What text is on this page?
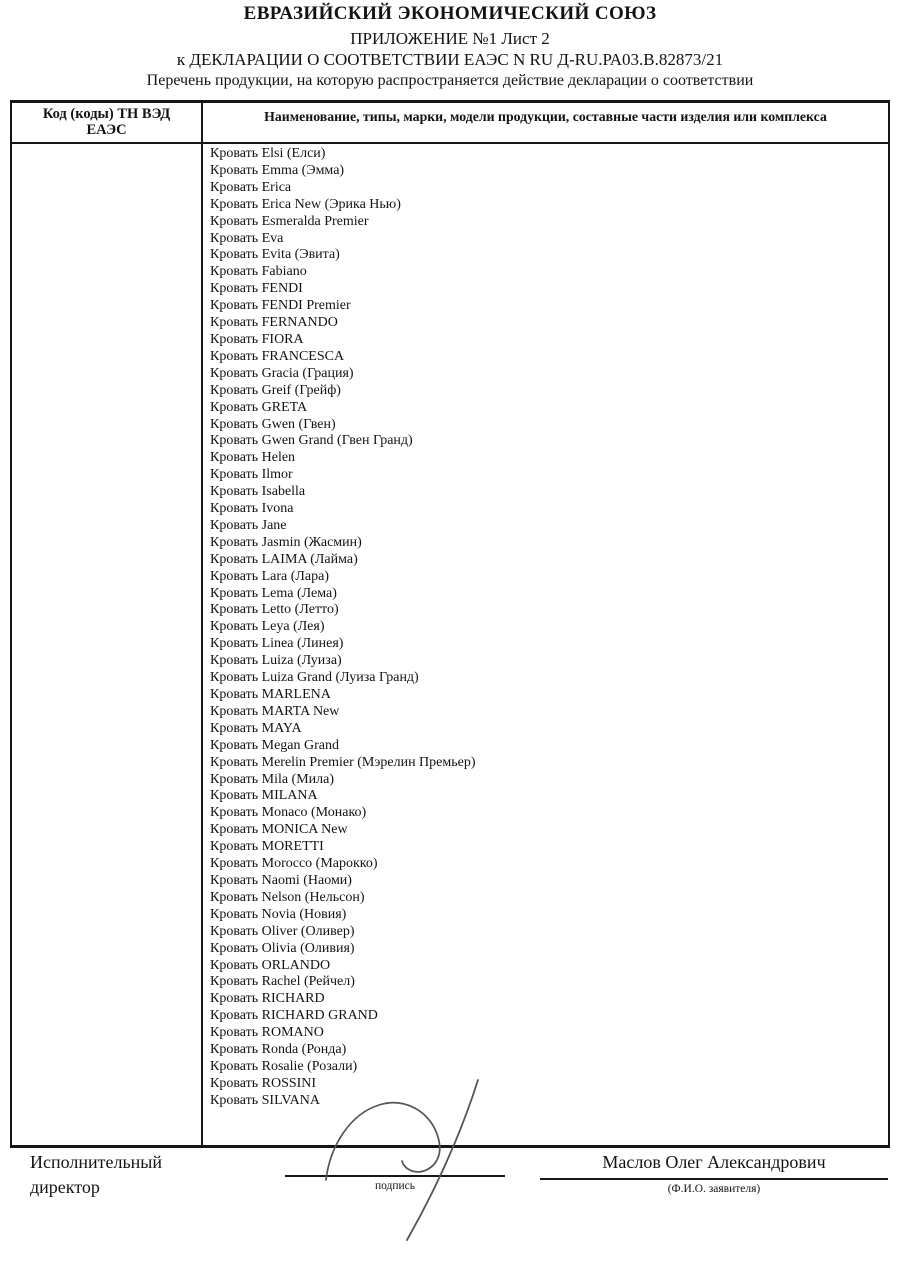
ЕВРАЗИЙСКИЙ ЭКОНОМИЧЕСКИЙ СОЮЗ
ПРИЛОЖЕНИЕ №1 Лист 2
к ДЕКЛАРАЦИИ О СООТВЕТСТВИИ ЕАЭС N RU Д-RU.РА03.В.82873/21
Перечень продукции, на которую распространяется действие декларации о соответствии
Код (коды) ТН ВЭД ЕАЭС
Наименование, типы, марки, модели продукции, составные части изделия или комплекса
Кровать Elsi (Елси)
Кровать Emma (Эмма)
Кровать Erica
Кровать Erica New (Эрика Нью)
Кровать Esmeralda Premier
Кровать Eva
Кровать Evita (Эвита)
Кровать Fabiano
Кровать FENDI
Кровать FENDI Premier
Кровать FERNANDO
Кровать FIORA
Кровать FRANCESCA
Кровать Gracia (Грация)
Кровать Greif (Грейф)
Кровать GRETA
Кровать Gwen (Гвен)
Кровать Gwen Grand (Гвен Гранд)
Кровать Helen
Кровать Ilmor
Кровать Isabella
Кровать Ivona
Кровать Jane
Кровать Jasmin (Жасмин)
Кровать LAIMA (Лайма)
Кровать Lara (Лара)
Кровать Lema (Лема)
Кровать Letto (Летто)
Кровать Leya (Лея)
Кровать Linea (Линея)
Кровать Luiza (Луиза)
Кровать Luiza Grand (Луиза Гранд)
Кровать MARLENA
Кровать MARTA New
Кровать MAYA
Кровать Megan Grand
Кровать Merelin Premier (Мэрелин Премьер)
Кровать Mila (Мила)
Кровать MILANA
Кровать Monaco (Монако)
Кровать MONICA New
Кровать MORETTI
Кровать Morocco (Марокко)
Кровать Naomi (Наоми)
Кровать Nelson (Нельсон)
Кровать Novia (Новия)
Кровать Oliver (Оливер)
Кровать Olivia (Оливия)
Кровать ORLANDO
Кровать Rachel (Рейчел)
Кровать RICHARD
Кровать RICHARD GRAND
Кровать ROMANO
Кровать Ronda (Ронда)
Кровать Rosalie (Розали)
Кровать ROSSINI
Кровать SILVANA
Исполнительный директор	подпись
Маслов Олег Александрович
(Ф.И.О. заявителя)
